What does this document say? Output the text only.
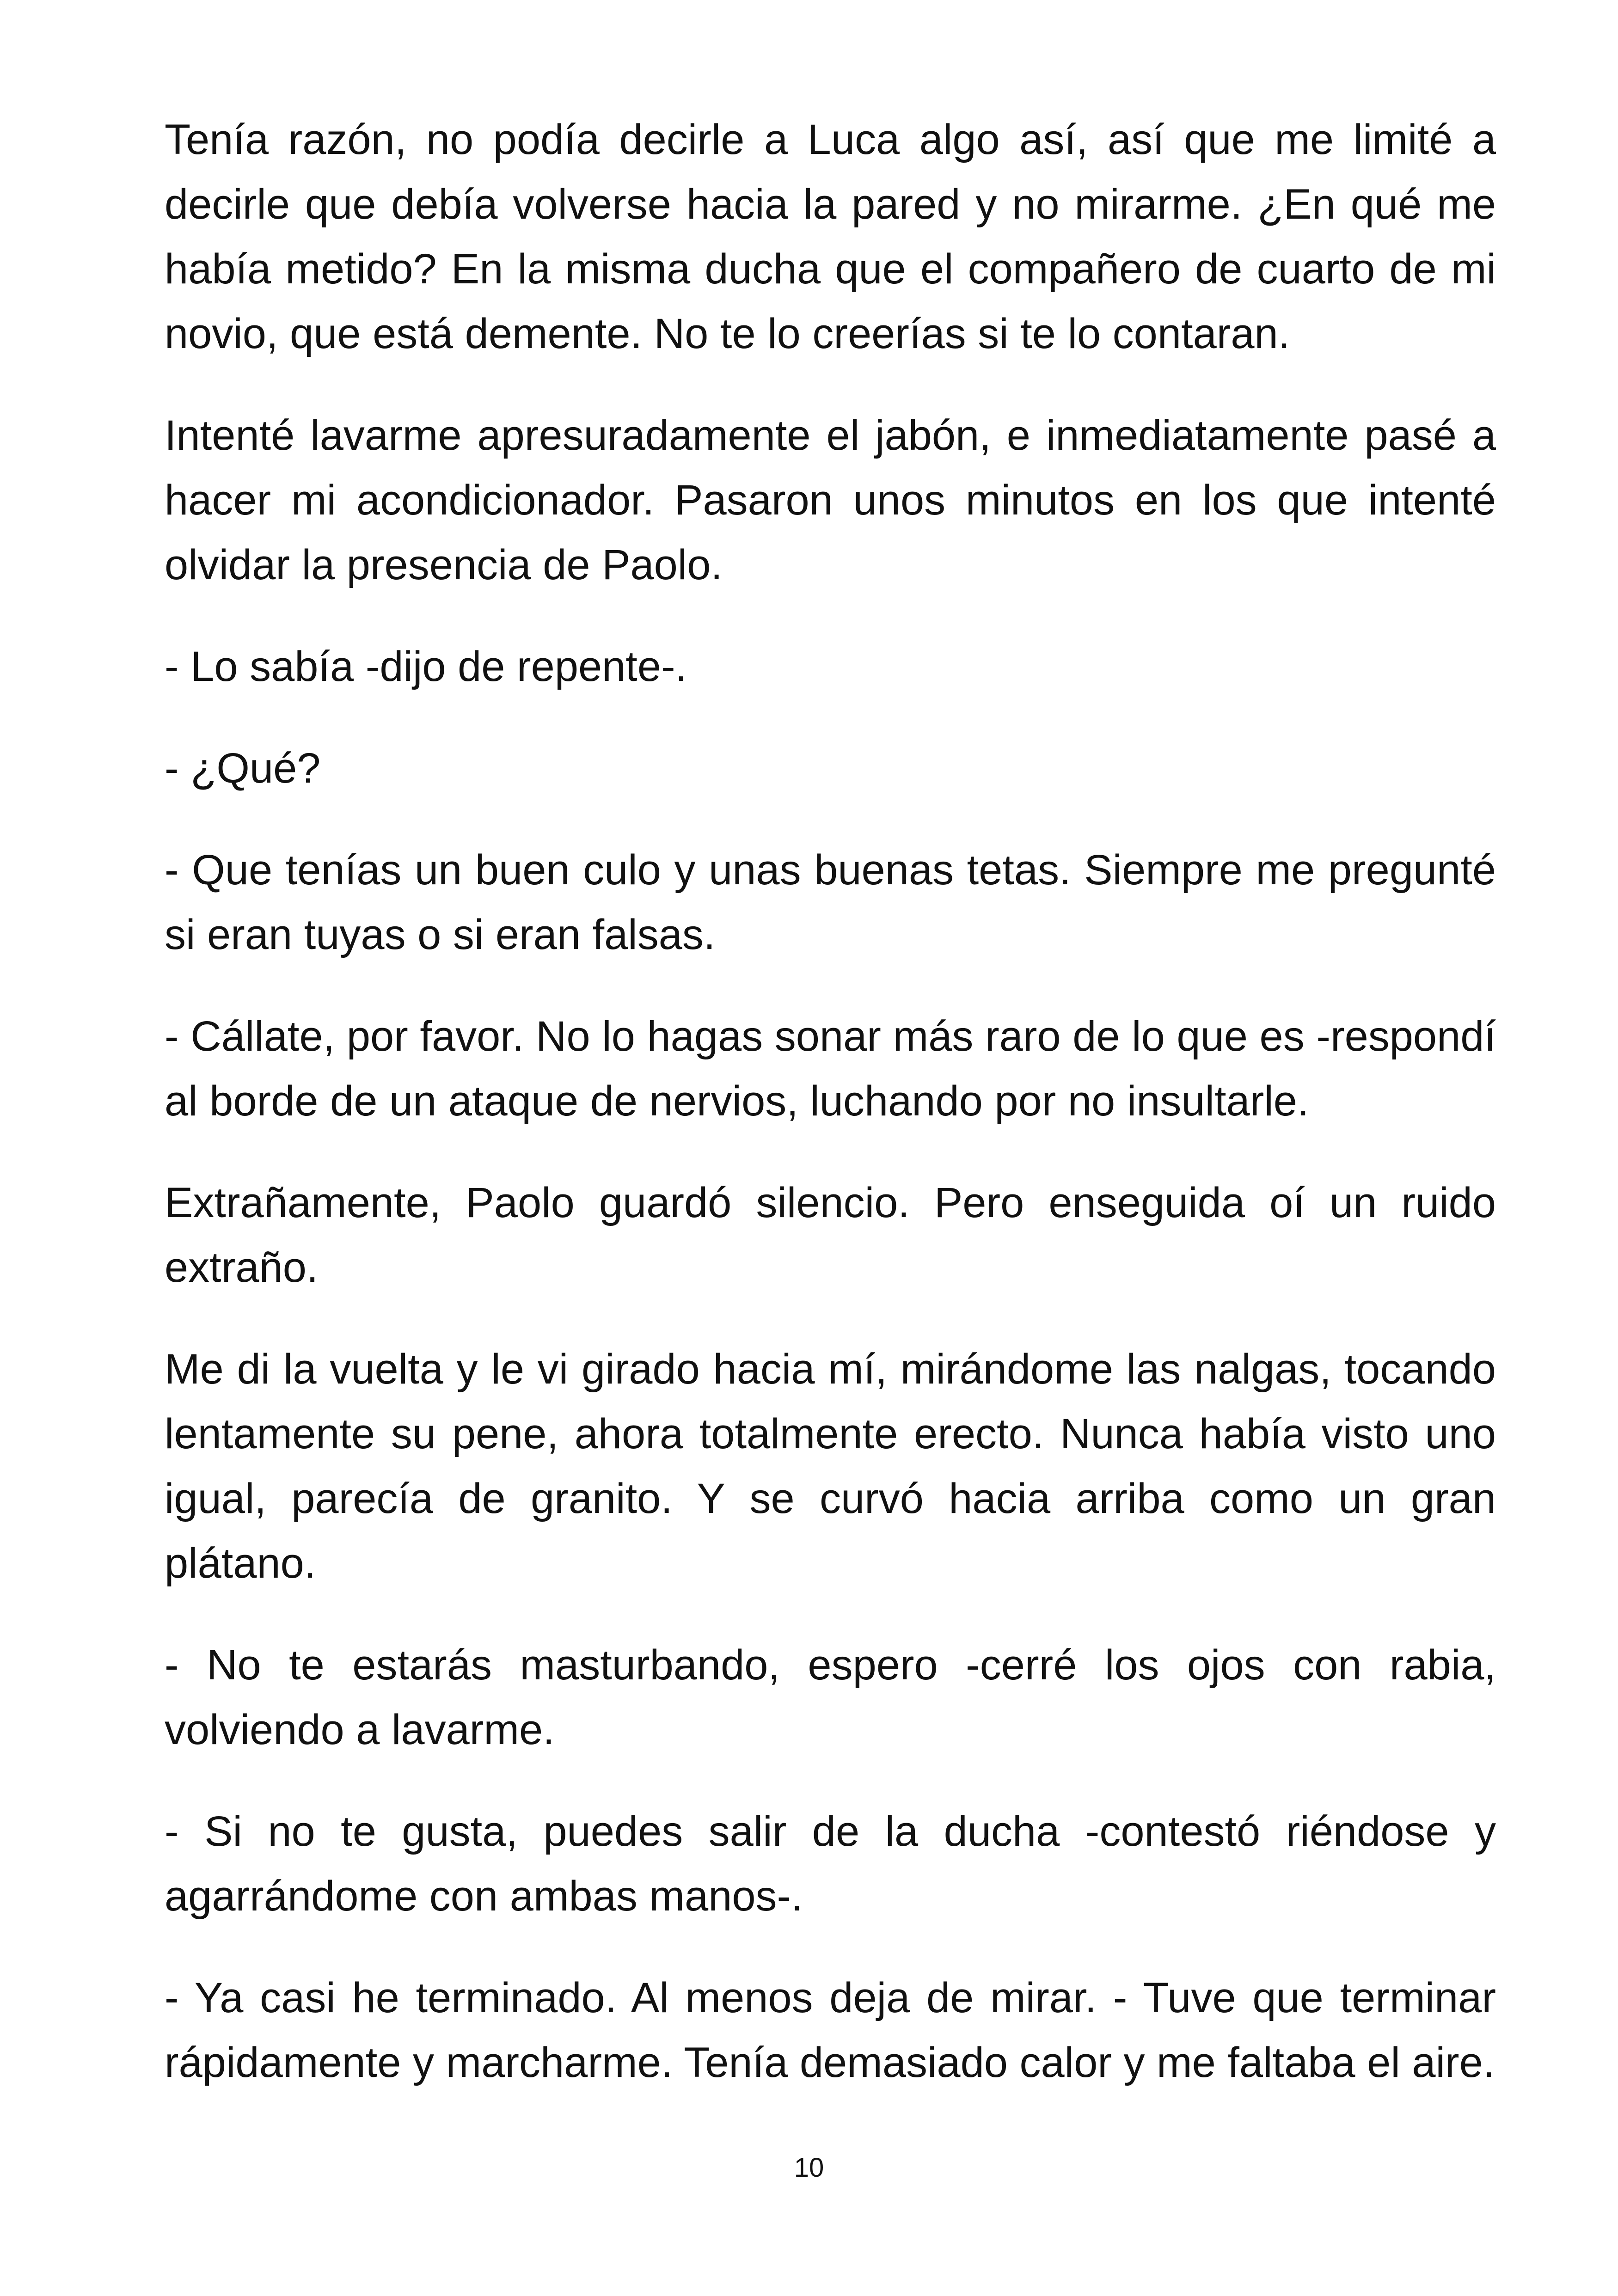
Tenía razón, no podía decirle a Luca algo así, así que me limité a decirle que debía volverse hacia la pared y no mirarme. ¿En qué me había metido? En la misma ducha que el compañero de cuarto de mi novio, que está demente. No te lo creerías si te lo contaran.

Intenté lavarme apresuradamente el jabón, e inmediatamente pasé a hacer mi acondicionador. Pasaron unos minutos en los que intenté olvidar la presencia de Paolo.

- Lo sabía -dijo de repente-.

- ¿Qué?

- Que tenías un buen culo y unas buenas tetas. Siempre me pregunté si eran tuyas o si eran falsas.

- Cállate, por favor. No lo hagas sonar más raro de lo que es -respondí al borde de un ataque de nervios, luchando por no insultarle.

Extrañamente, Paolo guardó silencio. Pero enseguida oí un ruido extraño.

Me di la vuelta y le vi girado hacia mí, mirándome las nalgas, tocando lentamente su pene, ahora totalmente erecto. Nunca había visto uno igual, parecía de granito. Y se curvó hacia arriba como un gran plátano.

- No te estarás masturbando, espero -cerré los ojos con rabia, volviendo a lavarme.

- Si no te gusta, puedes salir de la ducha -contestó riéndose y agarrándome con ambas manos-.

- Ya casi he terminado. Al menos deja de mirar. - Tuve que terminar rápidamente y marcharme. Tenía demasiado calor y me faltaba el aire.

10
